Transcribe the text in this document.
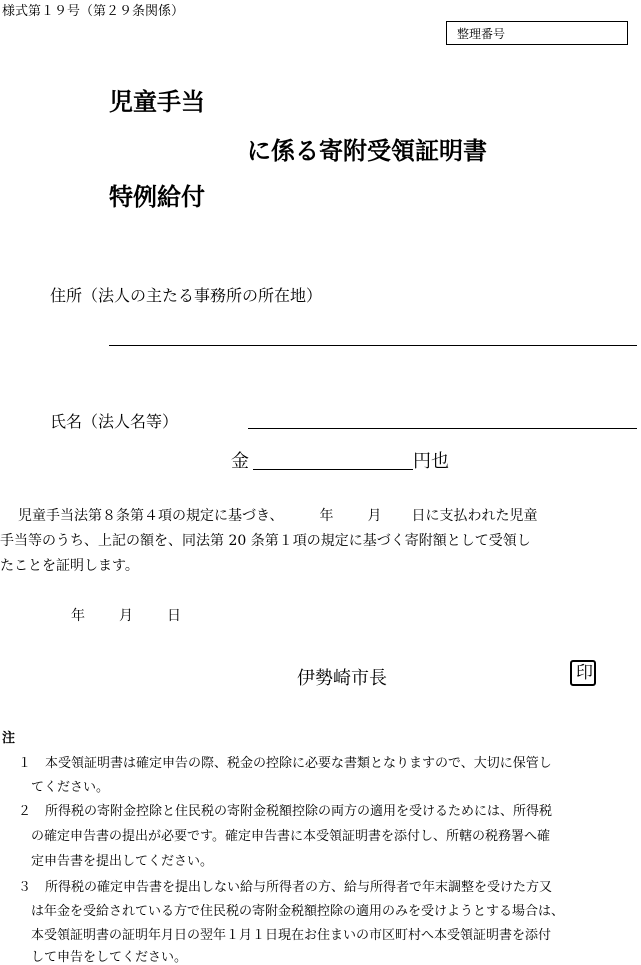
様式第１９号（第２９条関係）
整理番号
児童手当
に係る寄附受領証明書
特例給付
住所（法人の主たる事務所の所在地）
氏名（法人名等）
金	円也
児童手当法第８条第４項の規定に基づき、	年 月 日に支払われた児童
手当等のうち、上記の額を、同法第 20 条第１項の規定に基づく寄附額として受領し
たことを証明します。
年 月 日
伊勢崎市長	印
注
１ 本受領証明書は確定申告の際、税金の控除に必要な書類となりますので、大切に保管し
てください。
２ 所得税の寄附金控除と住民税の寄附金税額控除の両方の適用を受けるためには、所得税
の確定申告書の提出が必要です。確定申告書に本受領証明書を添付し、所轄の税務署へ確
定申告書を提出してください。
３ 所得税の確定申告書を提出しない給与所得者の方、給与所得者で年末調整を受けた方又
は年金を受給されている方で住民税の寄附金税額控除の適用のみを受けようとする場合は、
本受領証明書の証明年月日の翌年１月１日現在お住まいの市区町村へ本受領証明書を添付
して申告をしてください。
